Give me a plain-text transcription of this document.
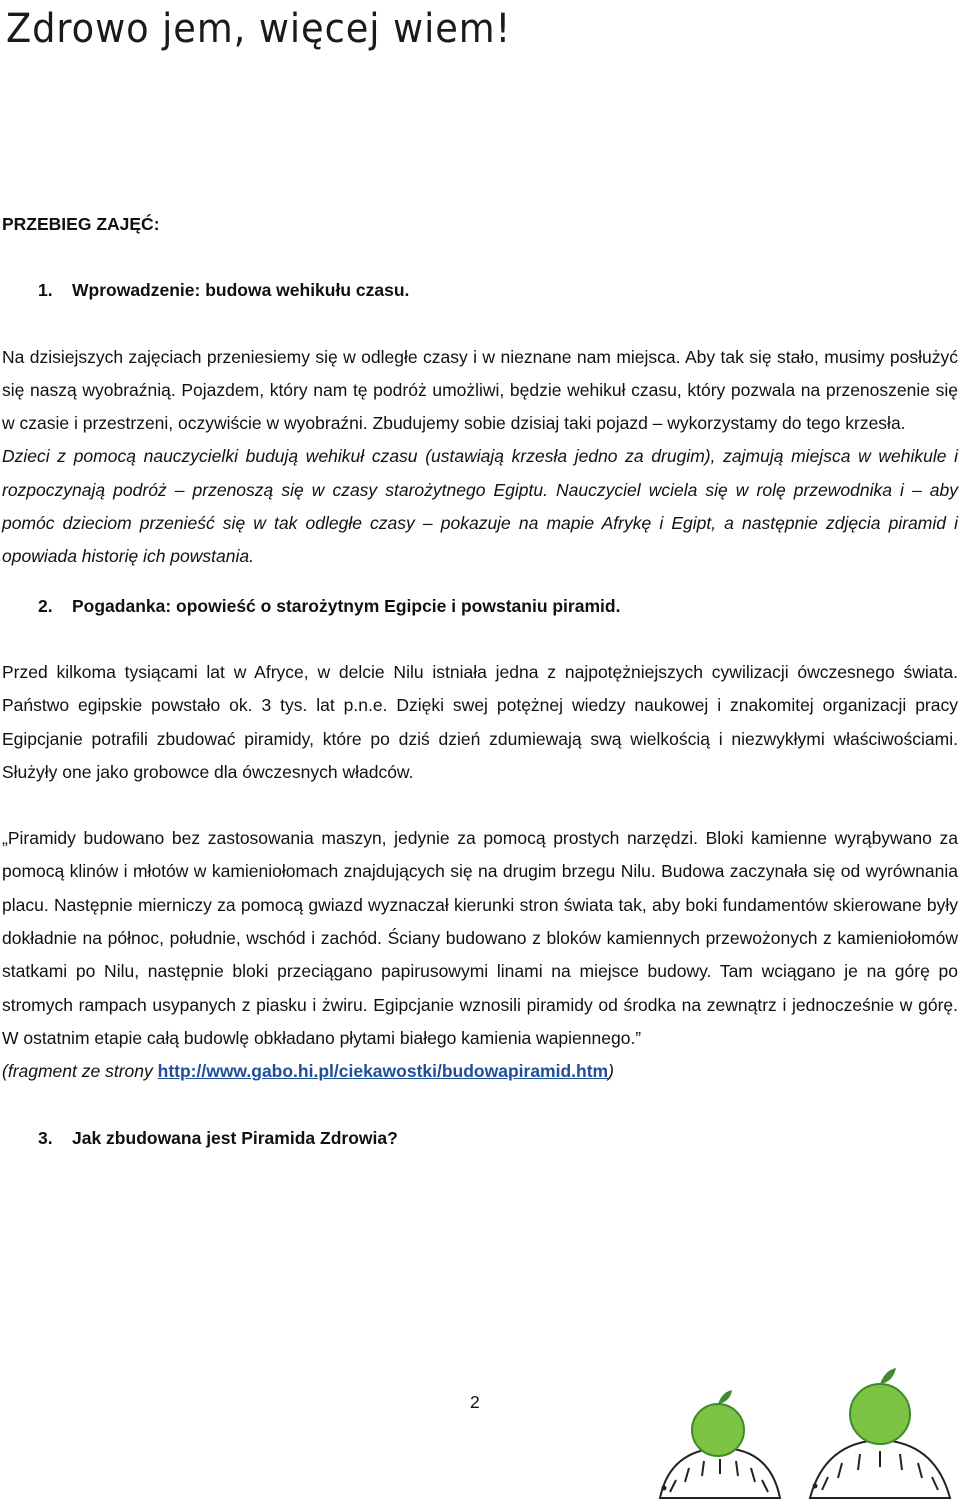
Zdrowo jem, więcej wiem!

PRZEBIEG ZAJĘĆ:

1.	Wprowadzenie: budowa wehikułu czasu.

Na dzisiejszych zajęciach przeniesiemy się w odległe czasy i w nieznane nam miejsca. Aby tak się stało, musimy posłużyć się naszą wyobraźnią. Pojazdem, który nam tę podróż umożliwi, będzie wehikuł czasu, który pozwala na przenoszenie się w czasie i przestrzeni, oczywiście w wyobraźni. Zbudujemy sobie dzisiaj taki pojazd – wykorzystamy do tego krzesła.

Dzieci z pomocą nauczycielki budują wehikuł czasu (ustawiają krzesła jedno za drugim), zajmują miejsca w wehikule i rozpoczynają podróż – przenoszą się w czasy starożytnego Egiptu. Nauczyciel wciela się w rolę przewodnika i – aby pomóc dzieciom przenieść się w tak odległe czasy – pokazuje na mapie Afrykę i Egipt, a następnie zdjęcia piramid i opowiada historię ich powstania.

2.	Pogadanka: opowieść o starożytnym Egipcie i powstaniu piramid.

Przed kilkoma tysiącami lat w Afryce, w delcie Nilu istniała jedna z najpotężniejszych cywilizacji ówczesnego świata. Państwo egipskie powstało ok. 3 tys. lat p.n.e. Dzięki swej potężnej wiedzy naukowej i znakomitej organizacji pracy Egipcjanie potrafili zbudować piramidy, które po dziś dzień zdumiewają swą wielkością i niezwykłymi właściwościami. Służyły one jako grobowce dla ówczesnych władców.

„Piramidy budowano bez zastosowania maszyn, jedynie za pomocą prostych narzędzi. Bloki kamienne wyrąbywano za pomocą klinów i młotów w kamieniołomach znajdujących się na drugim brzegu Nilu. Budowa zaczynała się od wyrównania placu. Następnie mierniczy za pomocą gwiazd wyznaczał kierunki stron świata tak, aby boki fundamentów skierowane były dokładnie na północ, południe, wschód i zachód. Ściany budowano z bloków kamiennych przewożonych z kamieniołomów statkami po Nilu, następnie bloki przeciągano papirusowymi linami na miejsce budowy. Tam wciągano je na górę po stromych rampach usypanych z piasku i żwiru. Egipcjanie wznosili piramidy od środka na zewnątrz i jednocześnie w górę. W ostatnim etapie całą budowlę obkładano płytami białego kamienia wapiennego.”

(fragment ze strony http://www.gabo.hi.pl/ciekawostki/budowapiramid.htm)

3.	Jak zbudowana jest Piramida Zdrowia?

2
